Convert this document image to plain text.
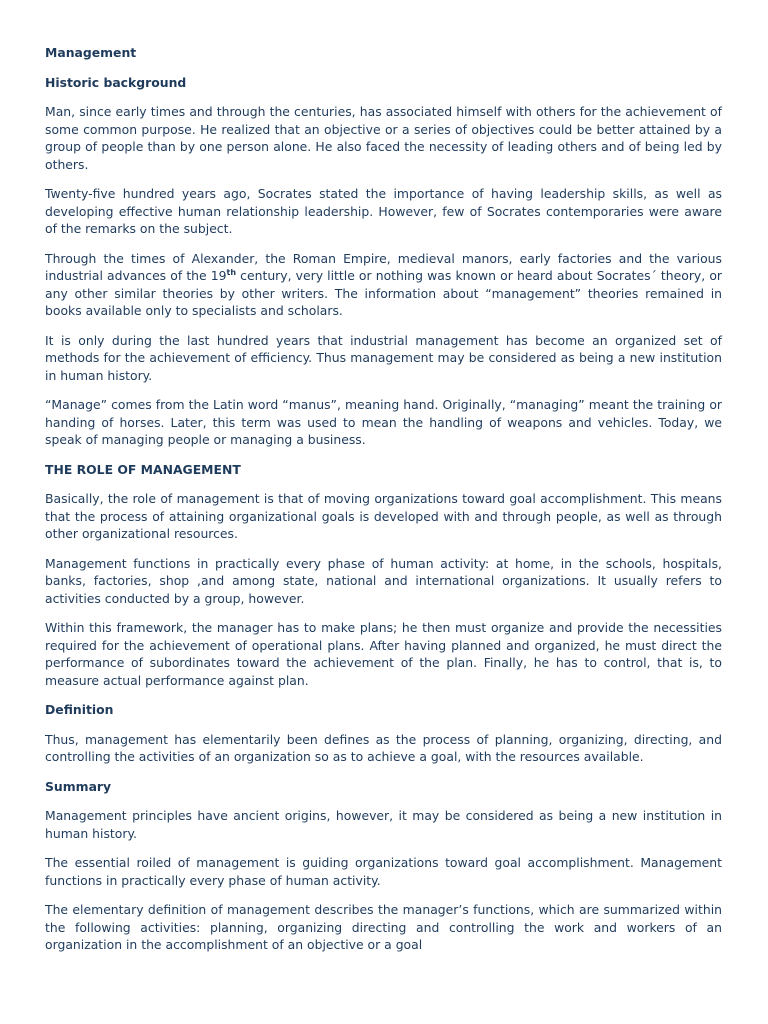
Management
Historic background

Man, since early times and through the centuries, has associated himself with others for the achievement of some common purpose. He realized that an objective or a series of objectives could be better attained by a group of people than by one person alone. He also faced the necessity of leading others and of being led by others.

Twenty-five hundred years ago, Socrates stated the importance of having leadership skills, as well as developing effective human relationship leadership. However, few of Socrates contemporaries were aware of the remarks on the subject.

Through the times of Alexander, the Roman Empire, medieval manors, early factories and the various industrial advances of the 19th century, very little or nothing was known or heard about Socrates´ theory, or any other similar theories by other writers. The information about “management” theories remained in books available only to specialists and scholars.

It is only during the last hundred years that industrial management has become an organized set of methods for the achievement of efficiency. Thus management may be considered as being a new institution in human history.

“Manage” comes from the Latin word “manus”, meaning hand. Originally, “managing” meant the training or handing of horses. Later, this term was used to mean the handling of weapons and vehicles. Today, we speak of managing people or managing a business.

THE ROLE OF MANAGEMENT

Basically, the role of management is that of moving organizations toward goal accomplishment. This means that the process of attaining organizational goals is developed with and through people, as well as through other organizational resources.

Management functions in practically every phase of human activity: at home, in the schools, hospitals, banks, factories, shop ,and among state, national and international organizations. It usually refers to activities conducted by a group, however.

Within this framework, the manager has to make plans; he then must organize and provide the necessities required for the achievement of operational plans. After having planned and organized, he must direct the performance of subordinates toward the achievement of the plan. Finally, he has to control, that is, to measure actual performance against plan.

Definition

Thus, management has elementarily been defines as the process of planning, organizing, directing, and controlling the activities of an organization so as to achieve a goal, with the resources available.

Summary

Management principles have ancient origins, however, it may be considered as being a new institution in human history.

The essential roiled of management is guiding organizations toward goal accomplishment. Management functions in practically every phase of human activity.

The elementary definition of management describes the manager’s functions, which are summarized within the following activities: planning, organizing directing and controlling the work and workers of an organization in the accomplishment of an objective or a goal
